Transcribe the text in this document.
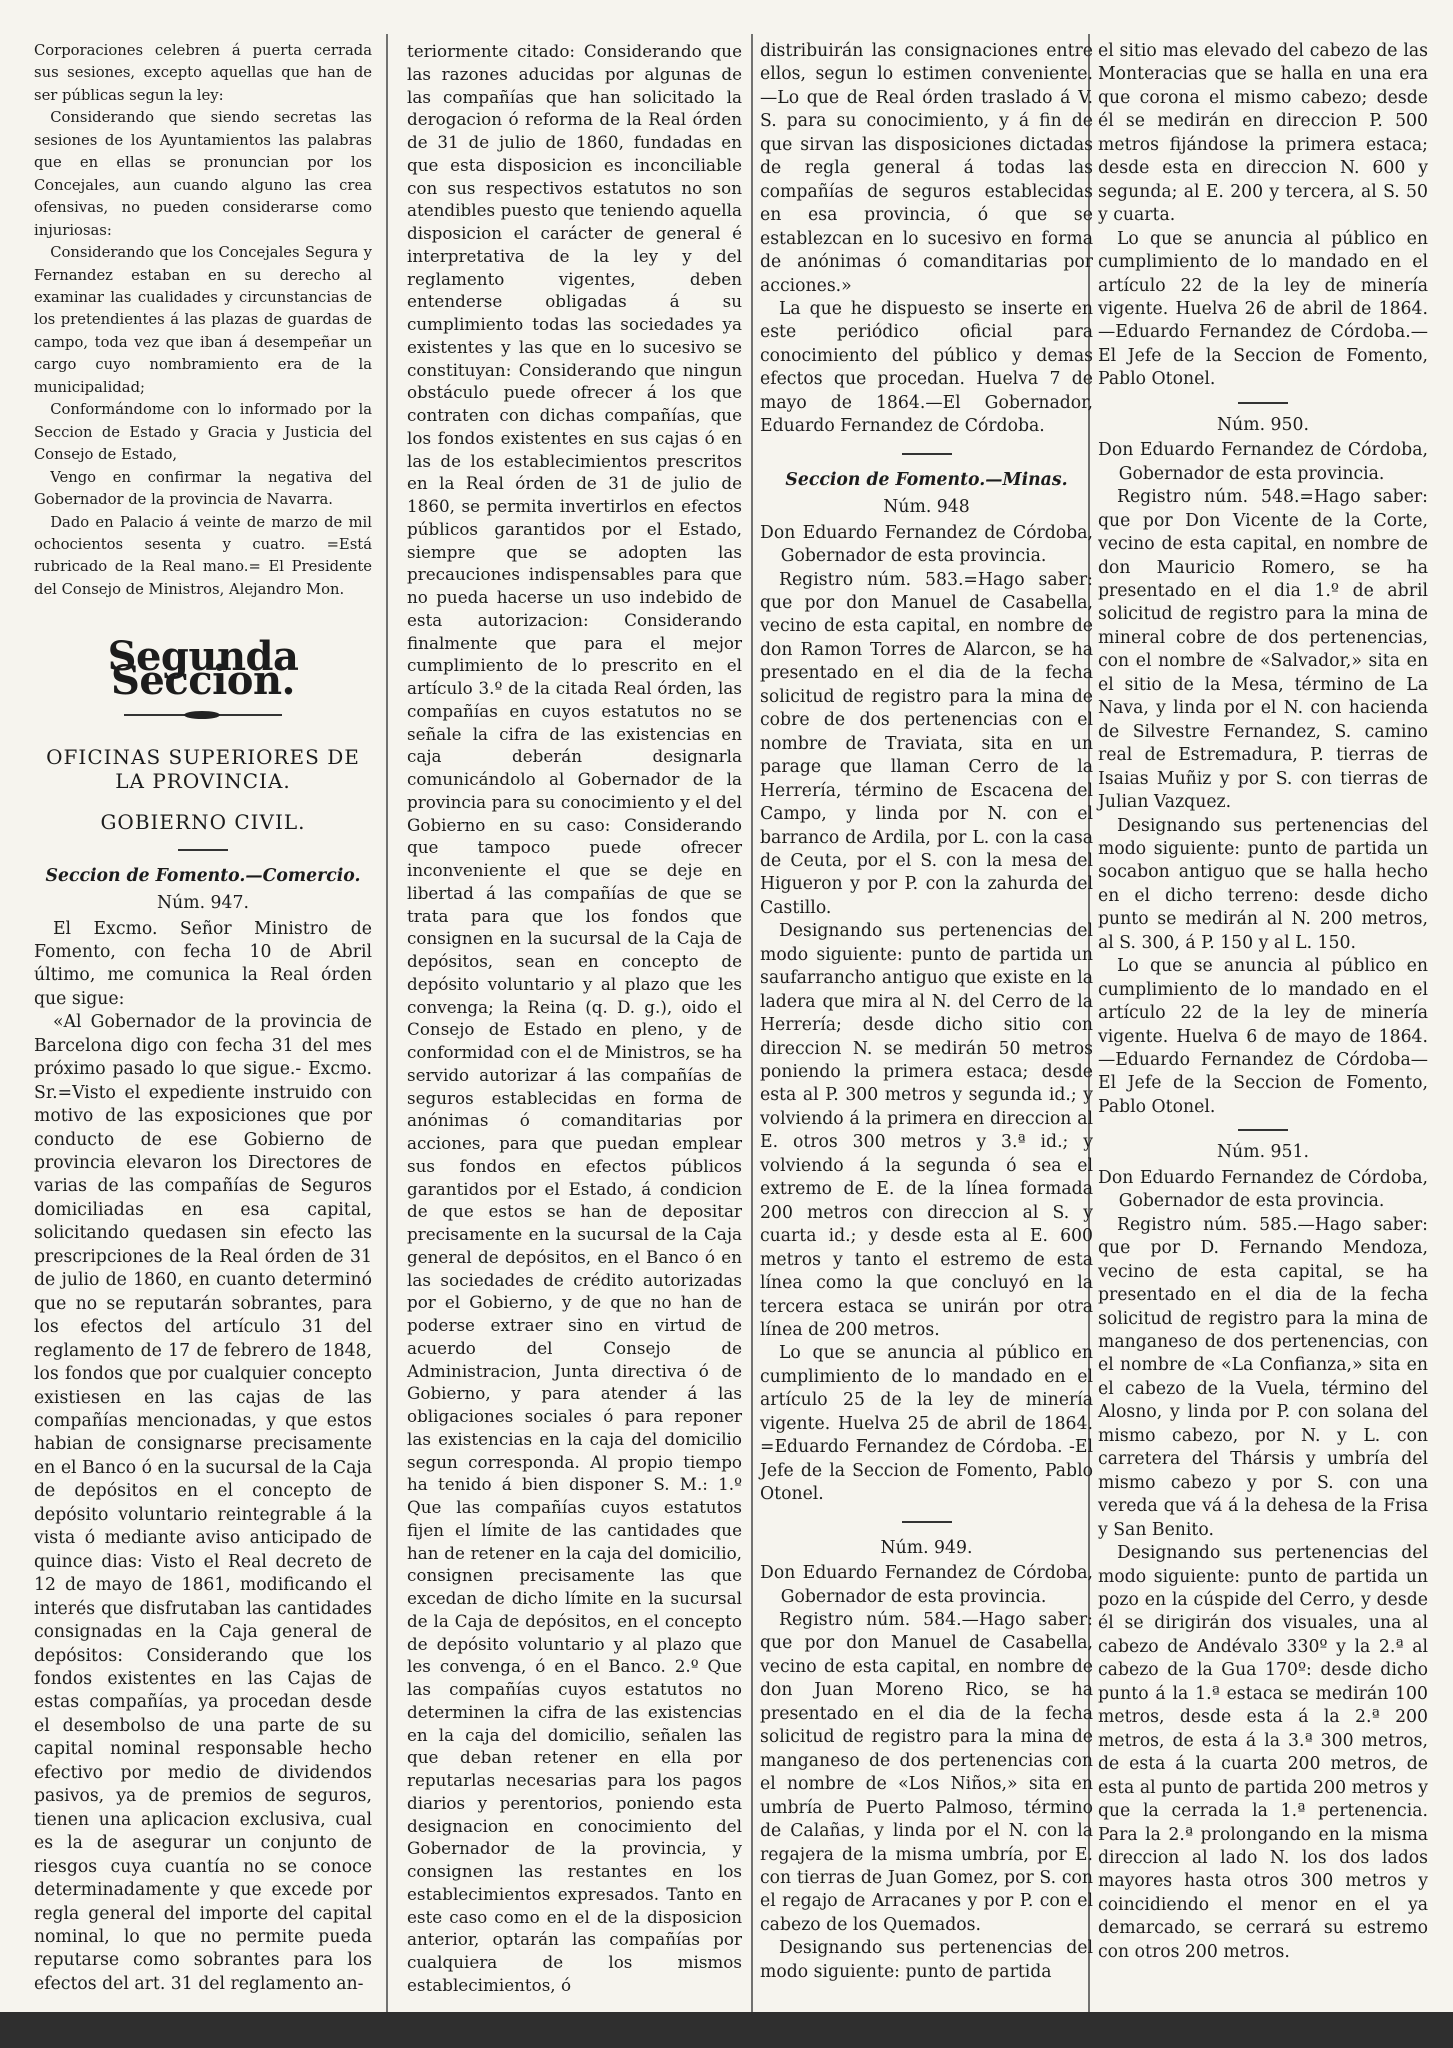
Corporaciones celebren á puerta cerrada sus sesiones, excepto aquellas que han de ser públicas segun la ley:

Considerando que siendo secretas las sesiones de los Ayuntamientos las palabras que en ellas se pronuncian por los Concejales, aun cuando alguno las crea ofensivas, no pueden considerarse como injuriosas:

Considerando que los Concejales Segura y Fernandez estaban en su derecho al examinar las cualidades y circunstancias de los pretendientes á las plazas de guardas de campo, toda vez que iban á desempeñar un cargo cuyo nombramiento era de la municipalidad;

Conformándome con lo informado por la Seccion de Estado y Gracia y Justicia del Consejo de Estado,

Vengo en confirmar la negativa del Gobernador de la provincia de Navarra.

Dado en Palacio á veinte de marzo de mil ochocientos sesenta y cuatro. =Está rubricado de la Real mano.= El Presidente del Consejo de Ministros, Alejandro Mon.

Segunda Seccion.
OFICINAS SUPERIORES DE LA PROVINCIA.
GOBIERNO CIVIL.
Seccion de Fomento.—Comercio.
Núm. 947.

El Excmo. Señor Ministro de Fomento, con fecha 10 de Abril último, me comunica la Real órden que sigue:

«Al Gobernador de la provincia de Barcelona digo con fecha 31 del mes próximo pasado lo que sigue.- Excmo. Sr.=Visto el expediente instruido con motivo de las exposiciones que por conducto de ese Gobierno de provincia elevaron los Directores de varias de las compañías de Seguros domiciliadas en esa capital, solicitando quedasen sin efecto las prescripciones de la Real órden de 31 de julio de 1860, en cuanto determinó que no se reputarán sobrantes, para los efectos del artículo 31 del reglamento de 17 de febrero de 1848, los fondos que por cualquier concepto existiesen en las cajas de las compañías mencionadas, y que estos habian de consignarse precisamente en el Banco ó en la sucursal de la Caja de depósitos en el concepto de depósito voluntario reintegrable á la vista ó mediante aviso anticipado de quince dias: Visto el Real decreto de 12 de mayo de 1861, modificando el interés que disfrutaban las cantidades consignadas en la Caja general de depósitos: Considerando que los fondos existentes en las Cajas de estas compañías, ya procedan desde el desembolso de una parte de su capital nominal responsable hecho efectivo por medio de dividendos pasivos, ya de premios de seguros, tienen una aplicacion exclusiva, cual es la de asegurar un conjunto de riesgos cuya cuantía no se conoce determinadamente y que excede por regla general del importe del capital nominal, lo que no permite pueda reputarse como sobrantes para los efectos del art. 31 del reglamento an-

teriormente citado: Considerando que las razones aducidas por algunas de las compañías que han solicitado la derogacion ó reforma de la Real órden de 31 de julio de 1860, fundadas en que esta disposicion es inconciliable con sus respectivos estatutos no son atendibles puesto que teniendo aquella disposicion el carácter de general é interpretativa de la ley y del reglamento vigentes, deben entenderse obligadas á su cumplimiento todas las sociedades ya existentes y las que en lo sucesivo se constituyan: Considerando que ningun obstáculo puede ofrecer á los que contraten con dichas compañías, que los fondos existentes en sus cajas ó en las de los establecimientos prescritos en la Real órden de 31 de julio de 1860, se permita invertirlos en efectos públicos garantidos por el Estado, siempre que se adopten las precauciones indispensables para que no pueda hacerse un uso indebido de esta autorizacion: Considerando finalmente que para el mejor cumplimiento de lo prescrito en el artículo 3.º de la citada Real órden, las compañías en cuyos estatutos no se señale la cifra de las existencias en caja deberán designarla comunicándolo al Gobernador de la provincia para su conocimiento y el del Gobierno en su caso: Considerando que tampoco puede ofrecer inconveniente el que se deje en libertad á las compañías de que se trata para que los fondos que consignen en la sucursal de la Caja de depósitos, sean en concepto de depósito voluntario y al plazo que les convenga; la Reina (q. D. g.), oido el Consejo de Estado en pleno, y de conformidad con el de Ministros, se ha servido autorizar á las compañías de seguros establecidas en forma de anónimas ó comanditarias por acciones, para que puedan emplear sus fondos en efectos públicos garantidos por el Estado, á condicion de que estos se han de depositar precisamente en la sucursal de la Caja general de depósitos, en el Banco ó en las sociedades de crédito autorizadas por el Gobierno, y de que no han de poderse extraer sino en virtud de acuerdo del Consejo de Administracion, Junta directiva ó de Gobierno, y para atender á las obligaciones sociales ó para reponer las existencias en la caja del domicilio segun corresponda. Al propio tiempo ha tenido á bien disponer S. M.: 1.º Que las compañías cuyos estatutos fijen el límite de las cantidades que han de retener en la caja del domicilio, consignen precisamente las que excedan de dicho límite en la sucursal de la Caja de depósitos, en el concepto de depósito voluntario y al plazo que les convenga, ó en el Banco. 2.º Que las compañías cuyos estatutos no determinen la cifra de las existencias en la caja del domicilio, señalen las que deban retener en ella por reputarlas necesarias para los pagos diarios y perentorios, poniendo esta designacion en conocimiento del Gobernador de la provincia, y consignen las restantes en los establecimientos expresados. Tanto en este caso como en el de la disposicion anterior, optarán las compañías por cualquiera de los mismos establecimientos, ó

distribuirán las consignaciones entre ellos, segun lo estimen conveniente. —Lo que de Real órden traslado á V. S. para su conocimiento, y á fin de que sirvan las disposiciones dictadas de regla general á todas las compañías de seguros establecidas en esa provincia, ó que se establezcan en lo sucesivo en forma de anónimas ó comanditarias por acciones.»

La que he dispuesto se inserte en este periódico oficial para conocimiento del público y demas efectos que procedan. Huelva 7 de mayo de 1864.—El Gobernador, Eduardo Fernandez de Córdoba.

Seccion de Fomento.—Minas.
Núm. 948

Don Eduardo Fernandez de Córdoba, Gobernador de esta provincia.

Registro núm. 583.=Hago saber: que por don Manuel de Casabella, vecino de esta capital, en nombre de don Ramon Torres de Alarcon, se ha presentado en el dia de la fecha solicitud de registro para la mina de cobre de dos pertenencias con el nombre de Traviata, sita en un parage que llaman Cerro de la Herrería, término de Escacena del Campo, y linda por N. con el barranco de Ardila, por L. con la casa de Ceuta, por el S. con la mesa del Higueron y por P. con la zahurda del Castillo.

Designando sus pertenencias del modo siguiente: punto de partida un saufarrancho antiguo que existe en la ladera que mira al N. del Cerro de la Herrería; desde dicho sitio con direccion N. se medirán 50 metros poniendo la primera estaca; desde esta al P. 300 metros y segunda id.; y volviendo á la primera en direccion al E. otros 300 metros y 3.ª id.; y volviendo á la segunda ó sea el extremo de E. de la línea formada 200 metros con direccion al S. y cuarta id.; y desde esta al E. 600 metros y tanto el estremo de esta línea como la que concluyó en la tercera estaca se unirán por otra línea de 200 metros.

Lo que se anuncia al público en cumplimiento de lo mandado en el artículo 25 de la ley de minería vigente. Huelva 25 de abril de 1864. =Eduardo Fernandez de Córdoba. -El Jefe de la Seccion de Fomento, Pablo Otonel.

Núm. 949.

Don Eduardo Fernandez de Córdoba, Gobernador de esta provincia.

Registro núm. 584.—Hago saber: que por don Manuel de Casabella, vecino de esta capital, en nombre de don Juan Moreno Rico, se ha presentado en el dia de la fecha solicitud de registro para la mina de manganeso de dos pertenencias con el nombre de «Los Niños,» sita en umbría de Puerto Palmoso, término de Calañas, y linda por el N. con la regajera de la misma umbría, por E. con tierras de Juan Gomez, por S. con el regajo de Arracanes y por P. con el cabezo de los Quemados.

Designando sus pertenencias del modo siguiente: punto de partida

el sitio mas elevado del cabezo de las Monteracias que se halla en una era que corona el mismo cabezo; desde él se medirán en direccion P. 500 metros fijándose la primera estaca; desde esta en direccion N. 600 y segunda; al E. 200 y tercera, al S. 50 y cuarta.

Lo que se anuncia al público en cumplimiento de lo mandado en el artículo 22 de la ley de minería vigente. Huelva 26 de abril de 1864.—Eduardo Fernandez de Córdoba.—El Jefe de la Seccion de Fomento, Pablo Otonel.

Núm. 950.

Don Eduardo Fernandez de Córdoba, Gobernador de esta provincia.

Registro núm. 548.=Hago saber: que por Don Vicente de la Corte, vecino de esta capital, en nombre de don Mauricio Romero, se ha presentado en el dia 1.º de abril solicitud de registro para la mina de mineral cobre de dos pertenencias, con el nombre de «Salvador,» sita en el sitio de la Mesa, término de La Nava, y linda por el N. con hacienda de Silvestre Fernandez, S. camino real de Estremadura, P. tierras de Isaias Muñiz y por S. con tierras de Julian Vazquez.

Designando sus pertenencias del modo siguiente: punto de partida un socabon antiguo que se halla hecho en el dicho terreno: desde dicho punto se medirán al N. 200 metros, al S. 300, á P. 150 y al L. 150.

Lo que se anuncia al público en cumplimiento de lo mandado en el artículo 22 de la ley de minería vigente. Huelva 6 de mayo de 1864. —Eduardo Fernandez de Córdoba—El Jefe de la Seccion de Fomento, Pablo Otonel.

Núm. 951.

Don Eduardo Fernandez de Córdoba, Gobernador de esta provincia.

Registro núm. 585.—Hago saber: que por D. Fernando Mendoza, vecino de esta capital, se ha presentado en el dia de la fecha solicitud de registro para la mina de manganeso de dos pertenencias, con el nombre de «La Confianza,» sita en el cabezo de la Vuela, término del Alosno, y linda por P. con solana del mismo cabezo, por N. y L. con carretera del Thársis y umbría del mismo cabezo y por S. con una vereda que vá á la dehesa de la Frisa y San Benito.

Designando sus pertenencias del modo siguiente: punto de partida un pozo en la cúspide del Cerro, y desde él se dirigirán dos visuales, una al cabezo de Andévalo 330º y la 2.ª al cabezo de la Gua 170º: desde dicho punto á la 1.ª estaca se medirán 100 metros, desde esta á la 2.ª 200 metros, de esta á la 3.ª 300 metros, de esta á la cuarta 200 metros, de esta al punto de partida 200 metros y que la cerrada la 1.ª pertenencia. Para la 2.ª prolongando en la misma direccion al lado N. los dos lados mayores hasta otros 300 metros y coincidiendo el menor en el ya demarcado, se cerrará su estremo con otros 200 metros.
